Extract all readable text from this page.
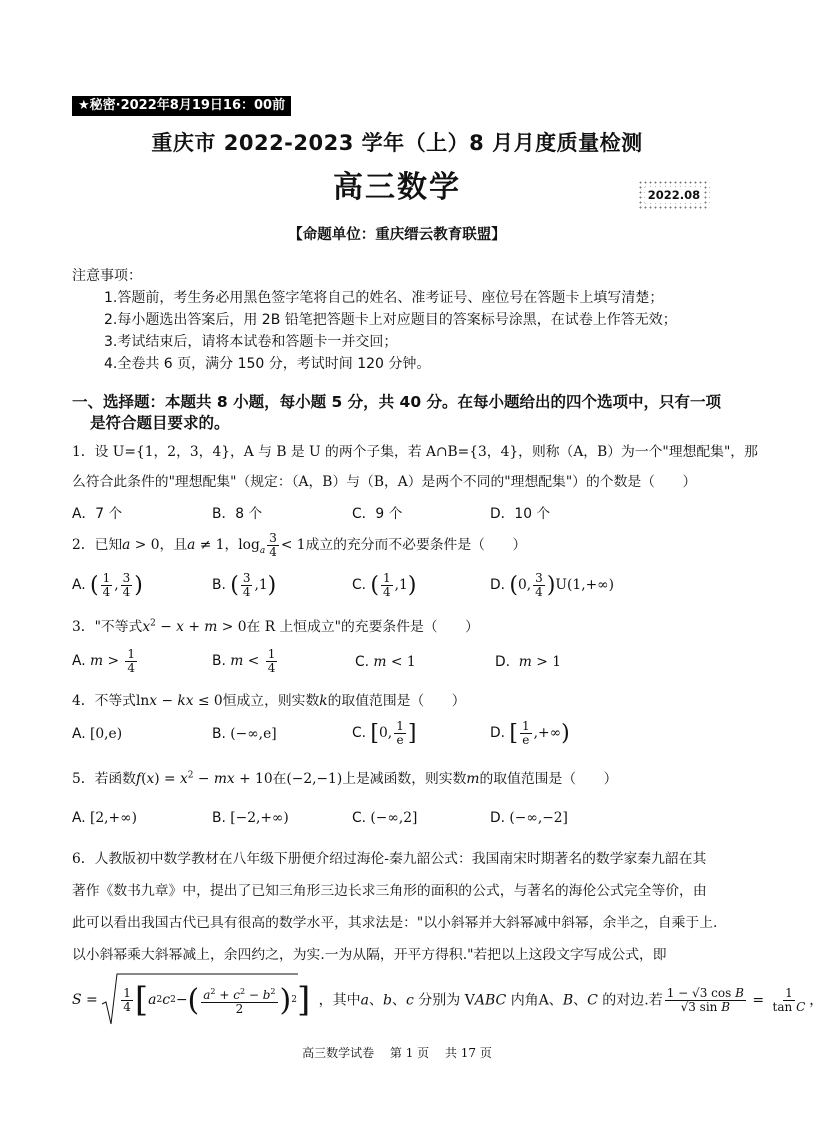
★秘密·2022年8月19日16：00前
重庆市 2022-2023 学年（上）8 月月度质量检测
高三数学	2022.08
【命题单位：重庆缙云教育联盟】
注意事项：
1.答题前，考生务必用黑色签字笔将自己的姓名、准考证号、座位号在答题卡上填写清楚；
2.每小题选出答案后，用 2B 铅笔把答题卡上对应题目的答案标号涂黑，在试卷上作答无效；
3.考试结束后，请将本试卷和答题卡一并交回；
4.全卷共 6 页，满分 150 分，考试时间 120 分钟。
一、选择题：本题共 8 小题，每小题 5 分，共 40 分。在每小题给出的四个选项中，只有一项
是符合题目要求的。
1．设 U={1，2，3，4}，A 与 B 是 U 的两个子集，若 A∩B={3，4}，则称（A，B）为一个"理想配集"，那
么符合此条件的"理想配集"（规定：（A，B）与（B，A）是两个不同的"理想配集"）的个数是（　　）
A．7 个	B．8 个	C．9 个	D．10 个
2．已知a > 0，且a ≠ 1，$\log_a \frac{3}{4} < 1$成立的充分而不必要条件是（　　）
A. ( $\frac{1}{4}$ , $\frac{3}{4}$ )	B. ( $\frac{3}{4} ,1$)	C. ( $\frac{1}{4} ,1$)	D. (0, $\frac{3}{4} )U(1,+\infty)$
3．"不等式$x^2 - x + m > 0$在 R 上恒成立"的充要条件是（　　）
A. $m > \frac{1}{4}$	B. $m < \frac{1}{4}$	C. m < 1	D. m > 1
4．不等式lnx − kx ≤ 0恒成立，则实数k的取值范围是（　　）
A. [0,e)	B. (−∞,e]	C. [0, $\frac{1}{e}$ ]	D. [ $\frac{1}{e}$ ,+∞)
5．若函数$f(x) = x^2$ − mx + 10在(−2,−1)上是减函数，则实数m的取值范围是（　　）
A. [2,+∞)	B. [−2,+∞)	C. (−∞,2]	D. (−∞,−2]
6．人教版初中数学教材在八年级下册便介绍过海伦-秦九韶公式：我国南宋时期著名的数学家秦九韶在其
著作《数书九章》中，提出了已知三角形三边长求三角形的面积的公式，与著名的海伦公式完全等价，由
此可以看出我国古代已具有很高的数学水平，其求法是："以小斜幂并大斜幂减中斜幂，余半之，自乘于上.
以小斜幂乘大斜幂减上，余四约之，为实.一为从隔，开平方得积."若把以上这段文字写成公式，即
$S = \frac{1}{4}$ [ a 2 c 2 − ( $\frac{a^2 + c^2 - b^2}{2}$ ) 2 ] ，其中a、b、c 分别为 VABC 内角A、B、C 的对边.若 $\frac{\text{1 − √3 cos B}}{\text{√3 sin B}} = \frac{1}{\text{tan C}}$ ，
高三数学试卷　 第 1 页　 共 17 页
